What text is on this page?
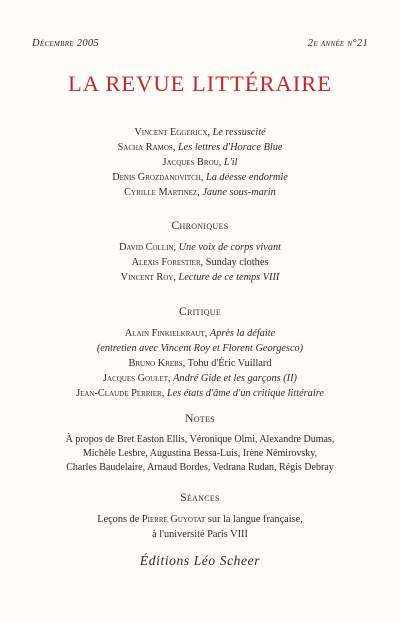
Décembre 2005	2e année n°21
LA REVUE LITTÉRAIRE
Vincent Eggericx, Le ressuscité
Sacha Ramos, Les lettres d'Horace Blue
Jacques Brou, L'il
Denis Grozdanovitch, La déesse endormie
Cyrille Martinez, Jaune sous-marin
Chroniques
David Collin, Une voix de corps vivant
Alexis Forestier, Sunday clothes
Vincent Roy, Lecture de ce temps VIII
Critique
Alain Finkielkraut, Après la défaite
(entretien avec Vincent Roy et Florent Georgesco)
Bruno Krebs, Tohu d'Éric Vuillard
Jacques Goulet, André Gide et les garçons (II)
Jean-Claude Perrier, Les états d'âme d'un critique littéraire
Notes
À propos de Bret Easton Ellis, Véronique Olmi, Alexandre Dumas,
Michèle Lesbre, Augustina Bessa-Luis, Irène Némirovsky,
Charles Baudelaire, Arnaud Bordes, Vedrana Rudan, Régis Debray
Séances
Leçons de Pierre Guyotat sur la langue française,
à l'université Paris VIII
Éditions Léo Scheer
